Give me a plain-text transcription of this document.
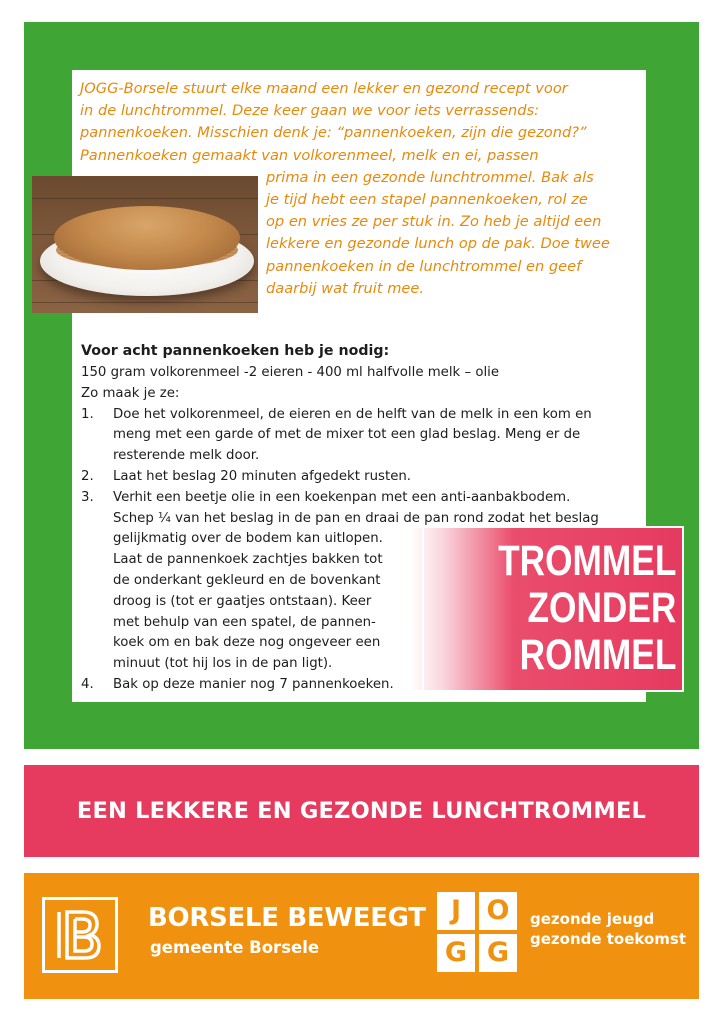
JOGG-Borsele stuurt elke maand een lekker en gezond recept voor
in de lunchtrommel. Deze keer gaan we voor iets verrassends:
pannenkoeken. Misschien denk je: “pannenkoeken, zijn die gezond?”
Pannenkoeken gemaakt van volkorenmeel, melk en ei, passen
prima in een gezonde lunchtrommel. Bak als
je tijd hebt een stapel pannenkoeken, rol ze
op en vries ze per stuk in. Zo heb je altijd een
lekkere en gezonde lunch op de pak. Doe twee
pannenkoeken in de lunchtrommel en geef
daarbij wat fruit mee.
Voor acht pannenkoeken heb je nodig:
150 gram volkorenmeel -2 eieren - 400 ml halfvolle melk – olie
Zo maak je ze:
1. Doe het volkorenmeel, de eieren en de helft van de melk in een kom en
meng met een garde of met de mixer tot een glad beslag. Meng er de
resterende melk door.
2. Laat het beslag 20 minuten afgedekt rusten.
3. Verhit een beetje olie in een koekenpan met een anti-aanbakbodem.
Schep ¼ van het beslag in de pan en draai de pan rond zodat het beslag
gelijkmatig over de bodem kan uitlopen.
Laat de pannenkoek zachtjes bakken tot
de onderkant gekleurd en de bovenkant
droog is (tot er gaatjes ontstaan). Keer
met behulp van een spatel, de pannen-
koek om en bak deze nog ongeveer een
minuut (tot hij los in de pan ligt).
4. Bak op deze manier nog 7 pannenkoeken.
TROMMEL
ZONDER
ROMMEL
EEN LEKKERE EN GEZONDE LUNCHTROMMEL
BORSELE BEWEEGT
gemeente Borsele
J O
G G
gezonde jeugd
gezonde toekomst
